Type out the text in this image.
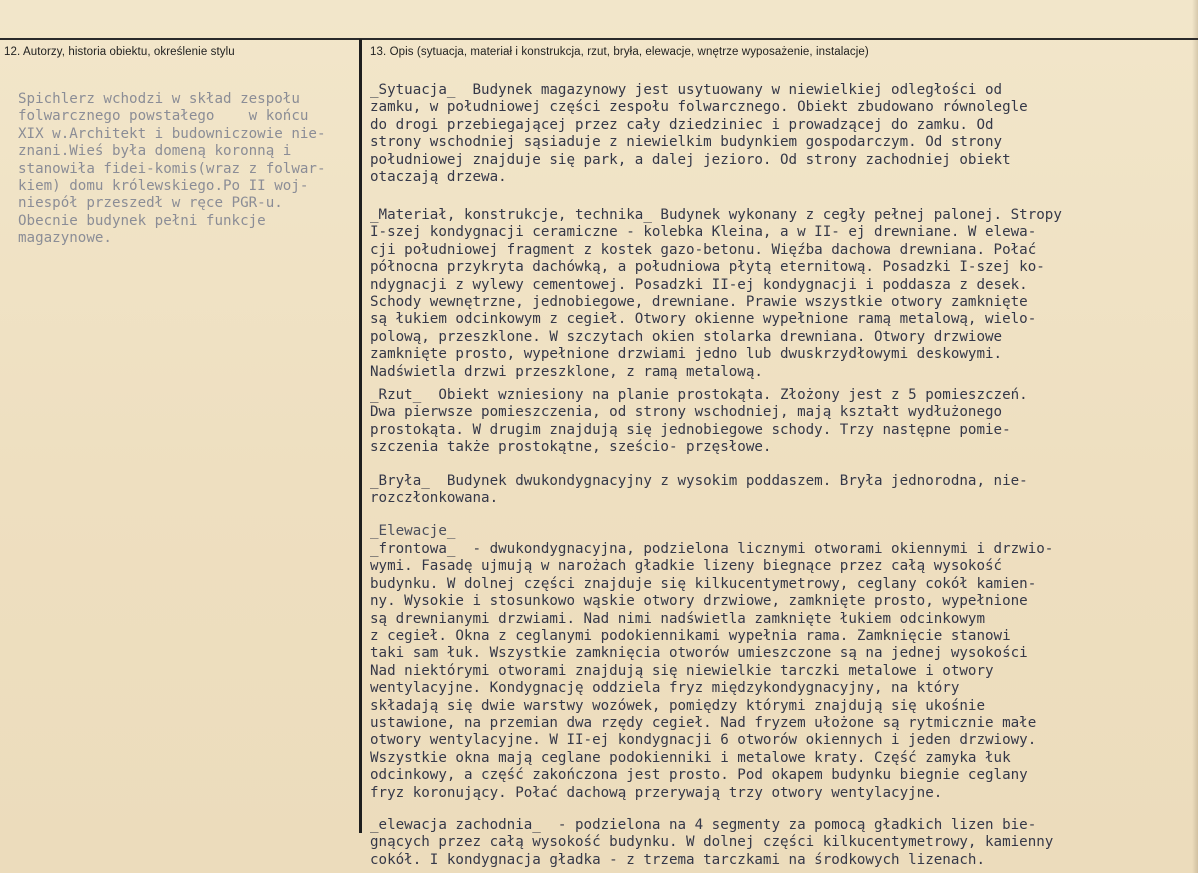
12. Autorzy, historia obiektu, określenie stylu	13. Opis (sytuacja, materiał i konstrukcja, rzut, bryła, elewacje, wnętrze wyposażenie, instalacje)
Spichlerz wchodzi w skład zespołu
folwarcznego powstałego    w końcu
XIX w.Architekt i budowniczowie nie-
znani.Wieś była domeną koronną i
stanowiła fidei-komis(wraz z folwar-
kiem) domu królewskiego.Po II woj-
niespół przeszedł w ręce PGR-u.
Obecnie budynek pełni funkcje
magazynowe.
_Sytuacja_  Budynek magazynowy jest usytuowany w niewielkiej odległości od
zamku, w południowej części zespołu folwarcznego. Obiekt zbudowano równolegle
do drogi przebiegającej przez cały dziedziniec i prowadzącej do zamku. Od
strony wschodniej sąsiaduje z niewielkim budynkiem gospodarczym. Od strony
południowej znajduje się park, a dalej jezioro. Od strony zachodniej obiekt
otaczają drzewa.
_Materiał, konstrukcje, technika_ Budynek wykonany z cegły pełnej palonej. Stropy
I-szej kondygnacji ceramiczne - kolebka Kleina, a w II- ej drewniane. W elewa-
cji południowej fragment z kostek gazo-betonu. Więźba dachowa drewniana. Połać
północna przykryta dachówką, a południowa płytą eternitową. Posadzki I-szej ko-
ndygnacji z wylewy cementowej. Posadzki II-ej kondygnacji i poddasza z desek.
Schody wewnętrzne, jednobiegowe, drewniane. Prawie wszystkie otwory zamknięte
są łukiem odcinkowym z cegieł. Otwory okienne wypełnione ramą metalową, wielo-
polową, przeszklone. W szczytach okien stolarka drewniana. Otwory drzwiowe
zamknięte prosto, wypełnione drzwiami jedno lub dwuskrzydłowymi deskowymi.
Nadświetla drzwi przeszklone, z ramą metalową.
_Rzut_  Obiekt wzniesiony na planie prostokąta. Złożony jest z 5 pomieszczeń.
Dwa pierwsze pomieszczenia, od strony wschodniej, mają kształt wydłużonego
prostokąta. W drugim znajdują się jednobiegowe schody. Trzy następne pomie-
szczenia także prostokątne, sześcio- przęsłowe.
_Bryła_  Budynek dwukondygnacyjny z wysokim poddaszem. Bryła jednorodna, nie-
rozczłonkowana.
_Elewacje_
_frontowa_  - dwukondygnacyjna, podzielona licznymi otworami okiennymi i drzwio-
wymi. Fasadę ujmują w narożach gładkie lizeny biegnące przez całą wysokość
budynku. W dolnej części znajduje się kilkucentymetrowy, ceglany cokół kamien-
ny. Wysokie i stosunkowo wąskie otwory drzwiowe, zamknięte prosto, wypełnione
są drewnianymi drzwiami. Nad nimi nadświetla zamknięte łukiem odcinkowym
z cegieł. Okna z ceglanymi podokiennikami wypełnia rama. Zamknięcie stanowi
taki sam łuk. Wszystkie zamknięcia otworów umieszczone są na jednej wysokości
Nad niektórymi otworami znajdują się niewielkie tarczki metalowe i otwory
wentylacyjne. Kondygnację oddziela fryz międzykondygnacyjny, na który
składają się dwie warstwy wozówek, pomiędzy którymi znajdują się ukośnie
ustawione, na przemian dwa rzędy cegieł. Nad fryzem ułożone są rytmicznie małe
otwory wentylacyjne. W II-ej kondygnacji 6 otworów okiennych i jeden drzwiowy.
Wszystkie okna mają ceglane podokienniki i metalowe kraty. Część zamyka łuk
odcinkowy, a część zakończona jest prosto. Pod okapem budynku biegnie ceglany
fryz koronujący. Połać dachową przerywają trzy otwory wentylacyjne.
_elewacja zachodnia_  - podzielona na 4 segmenty za pomocą gładkich lizen bie-
gnących przez całą wysokość budynku. W dolnej części kilkucentymetrowy, kamienny
cokół. I kondygnacja gładka - z trzema tarczkami na środkowych lizenach.
